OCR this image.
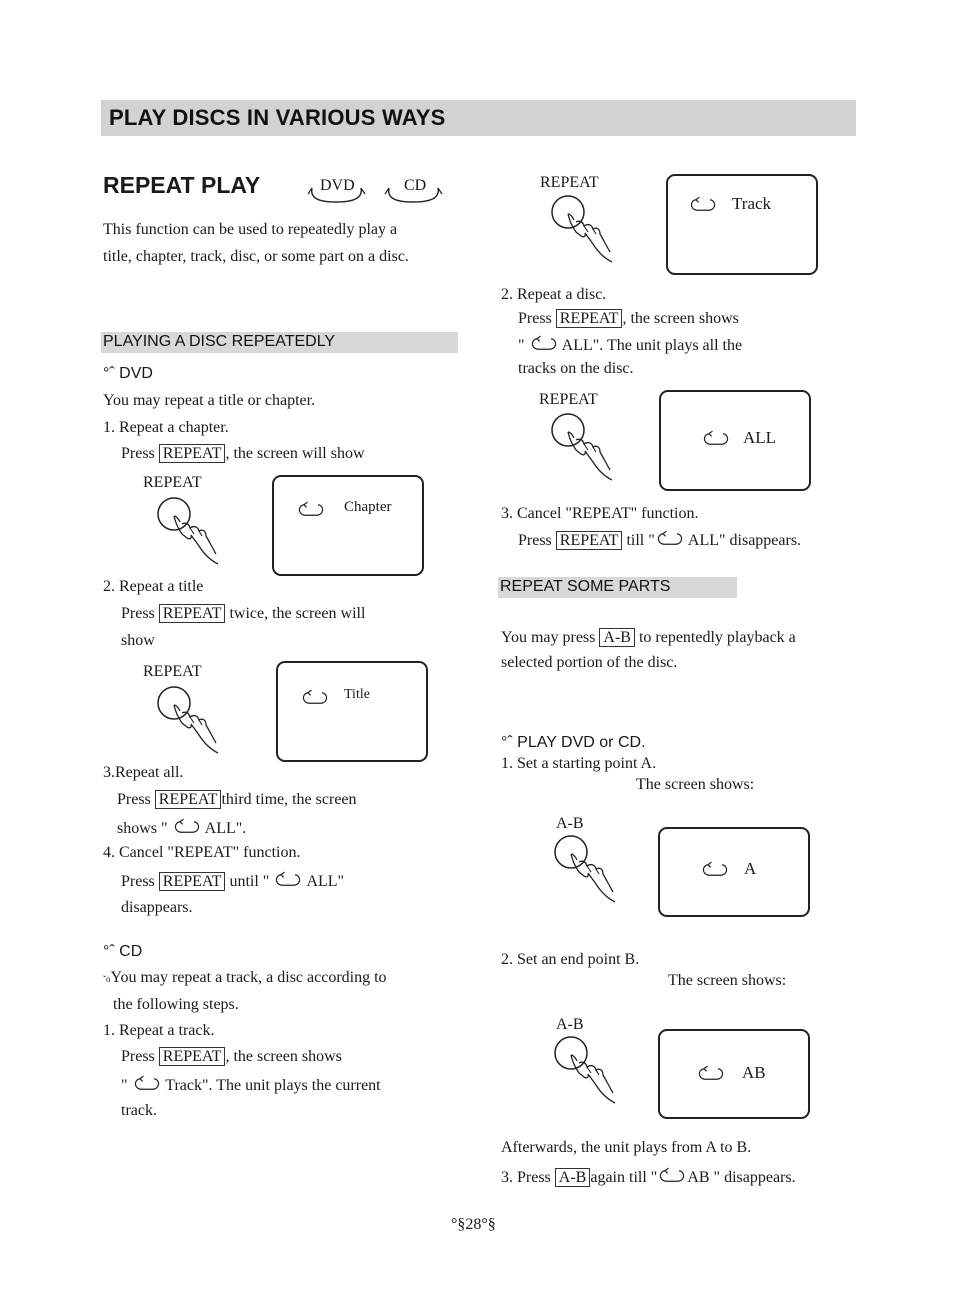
PLAY DISCS IN VARIOUS WAYS
REPEAT PLAY	DVD	CD
This function can be used to repeatedly play a
title, chapter, track, disc, or some part on a disc.
PLAYING A DISC REPEATEDLY
°ˆ DVD
You may repeat a title or chapter.
1. Repeat a chapter.
Press REPEAT , the screen will show
REPEAT
Chapter
2. Repeat a title
Press REPEAT twice, the screen will
show
REPEAT
Title
3.Repeat all.
Press REPEAT third time, the screen
shows " ALL".
4. Cancel "REPEAT" function.
Press REPEAT until " ALL"
disappears.
°ˆ CD
ˇoYou may repeat a track, a disc according to
the following steps.
1. Repeat a track.
Press REPEAT , the screen shows
" Track". The unit plays the current
track.
REPEAT
Track
2. Repeat a disc.
Press REPEAT , the screen shows
" ALL". The unit plays all the
tracks on the disc.
REPEAT
ALL
3. Cancel "REPEAT" function.
Press REPEAT till " ALL" disappears.
REPEAT SOME PARTS
You may press A-B to repentedly playback a
selected portion of the disc.
°ˆ PLAY DVD or CD.
1. Set a starting point A.
The screen shows:
A-B
A
2. Set an end point B.
The screen shows:
A-B
AB
Afterwards, the unit plays from A to B.
3. Press A-B again till " AB " disappears.
°§28°§
